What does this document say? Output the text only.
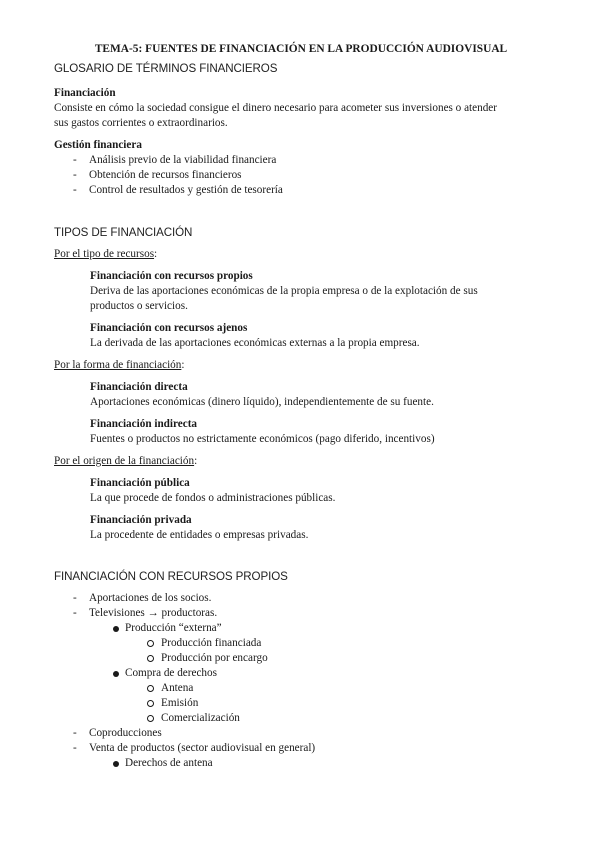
TEMA-5: FUENTES DE FINANCIACIÓN EN LA PRODUCCIÓN AUDIOVISUAL
GLOSARIO DE TÉRMINOS FINANCIEROS
Financiación
Consiste en cómo la sociedad consigue el dinero necesario para acometer sus inversiones o atender
sus gastos corrientes o extraordinarios.
Gestión financiera
- Análisis previo de la viabilidad financiera
- Obtención de recursos financieros
- Control de resultados y gestión de tesorería
TIPOS DE FINANCIACIÓN
Por el tipo de recursos:
Financiación con recursos propios
Deriva de las aportaciones económicas de la propia empresa o de la explotación de sus
productos o servicios.
Financiación con recursos ajenos
La derivada de las aportaciones económicas externas a la propia empresa.
Por la forma de financiación:
Financiación directa
Aportaciones económicas (dinero líquido), independientemente de su fuente.
Financiación indirecta
Fuentes o productos no estrictamente económicos (pago diferido, incentivos)
Por el origen de la financiación:
Financiación pública
La que procede de fondos o administraciones públicas.
Financiación privada
La procedente de entidades o empresas privadas.
FINANCIACIÓN CON RECURSOS PROPIOS
- Aportaciones de los socios.
- Televisiones → productoras.
Producción “externa”
Producción financiada
Producción por encargo
Compra de derechos
Antena
Emisión
Comercialización
- Coproducciones
- Venta de productos (sector audiovisual en general)
Derechos de antena
